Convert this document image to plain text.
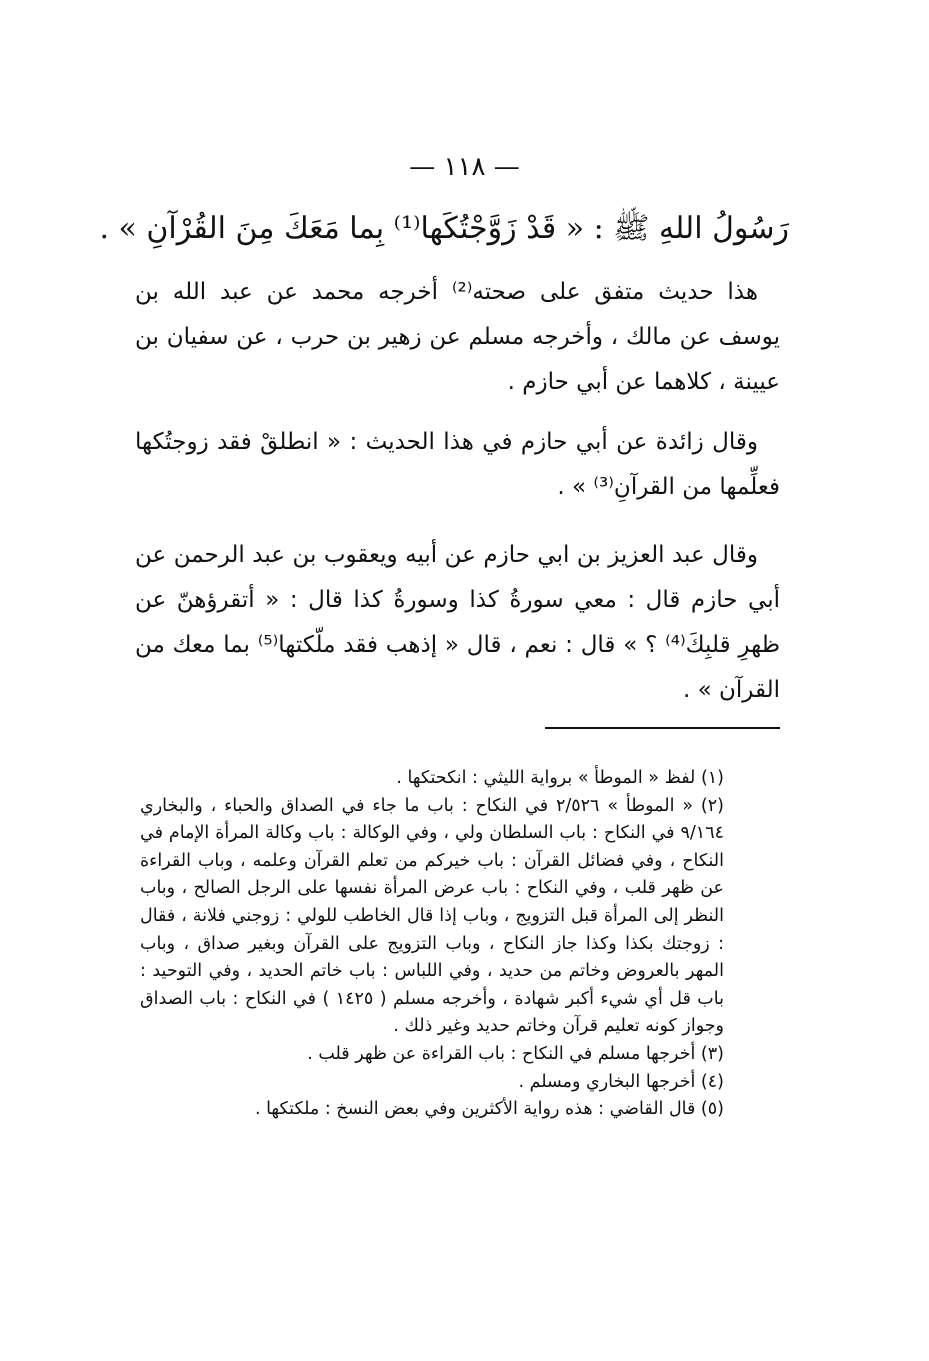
— ١١٨ —
رَسُولُ اللهِ ﷺ : « قَدْ زَوَّجْتُكَها⁽¹⁾ بِما مَعَكَ مِنَ القُرْآنِ » .
هذا حديث متفق على صحته⁽²⁾ أخرجه محمد عن عبد الله بن يوسف عن مالك ، وأخرجه مسلم عن زهير بن حرب ، عن سفيان بن عيينة ، كلاهما عن أبي حازم .
وقال زائدة عن أبي حازم في هذا الحديث : « انطلقْ فقد زوجتُكها فعلِّمها من القرآنِ⁽³⁾ » .
وقال عبد العزيز بن ابي حازم عن أبيه ويعقوب بن عبد الرحمن عن أبي حازم قال : معي سورةُ كذا وسورةُ كذا قال : « أتقرؤهنّ عن ظهرِ قلبِكَ⁽⁴⁾ ؟ » قال : نعم ، قال « إذهب فقد ملّكتها⁽⁵⁾ بما معك من القرآن » .

(١) لفظ « الموطأ » برواية الليثي : انكحتكها .

(٢) « الموطأ » ٢/٥٢٦ في النكاح : باب ما جاء في الصداق والحباء ، والبخاري ٩/١٦٤ في النكاح : باب السلطان ولي ، وفي الوكالة : باب وكالة المرأة الإمام في النكاح ، وفي فضائل القرآن : باب خيركم من تعلم القرآن وعلمه ، وباب القراءة عن ظهر قلب ، وفي النكاح : باب عرض المرأة نفسها على الرجل الصالح ، وباب النظر إلى المرأة قبل التزويج ، وباب إذا قال الخاطب للولي : زوجني فلانة ، فقال : زوجتك بكذا وكذا جاز النكاح ، وباب التزويج على القرآن وبغير صداق ، وباب المهر بالعروض وخاتم من حديد ، وفي اللباس : باب خاتم الحديد ، وفي التوحيد : باب قل أي شيء أكبر شهادة ، وأخرجه مسلم ( ١٤٢٥ ) في النكاح : باب الصداق وجواز كونه تعليم قرآن وخاتم حديد وغير ذلك .

(٣) أخرجها مسلم في النكاح : باب القراءة عن ظهر قلب .

(٤) أخرجها البخاري ومسلم .

(٥) قال القاضي : هذه رواية الأكثرين وفي بعض النسخ : ملكتكها .
